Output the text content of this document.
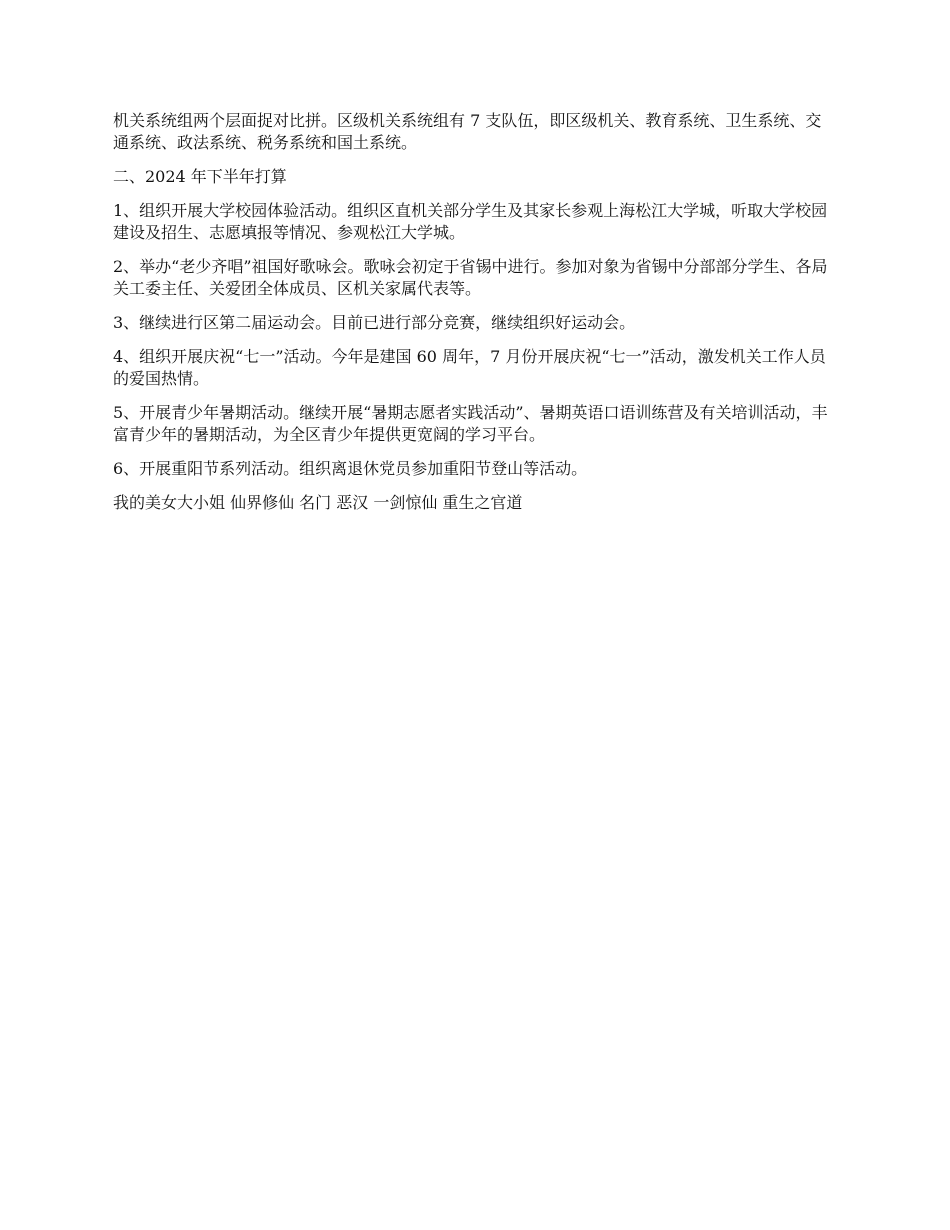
机关系统组两个层面捉对比拼。区级机关系统组有 7 支队伍，即区级机关、教育系统、卫生系统、交通系统、政法系统、税务系统和国土系统。

二、2024 年下半年打算

1、组织开展大学校园体验活动。组织区直机关部分学生及其家长参观上海松江大学城，听取大学校园建设及招生、志愿填报等情况、参观松江大学城。

2、举办“老少齐唱”祖国好歌咏会。歌咏会初定于省锡中进行。参加对象为省锡中分部部分学生、各局关工委主任、关爱团全体成员、区机关家属代表等。

3、继续进行区第二届运动会。目前已进行部分竞赛，继续组织好运动会。

4、组织开展庆祝“七一”活动。今年是建国 60 周年，7 月份开展庆祝“七一”活动，激发机关工作人员的爱国热情。

5、开展青少年暑期活动。继续开展“暑期志愿者实践活动”、暑期英语口语训练营及有关培训活动，丰富青少年的暑期活动，为全区青少年提供更宽阔的学习平台。

6、开展重阳节系列活动。组织离退休党员参加重阳节登山等活动。

我的美女大小姐 仙界修仙 名门 恶汉 一剑惊仙 重生之官道
